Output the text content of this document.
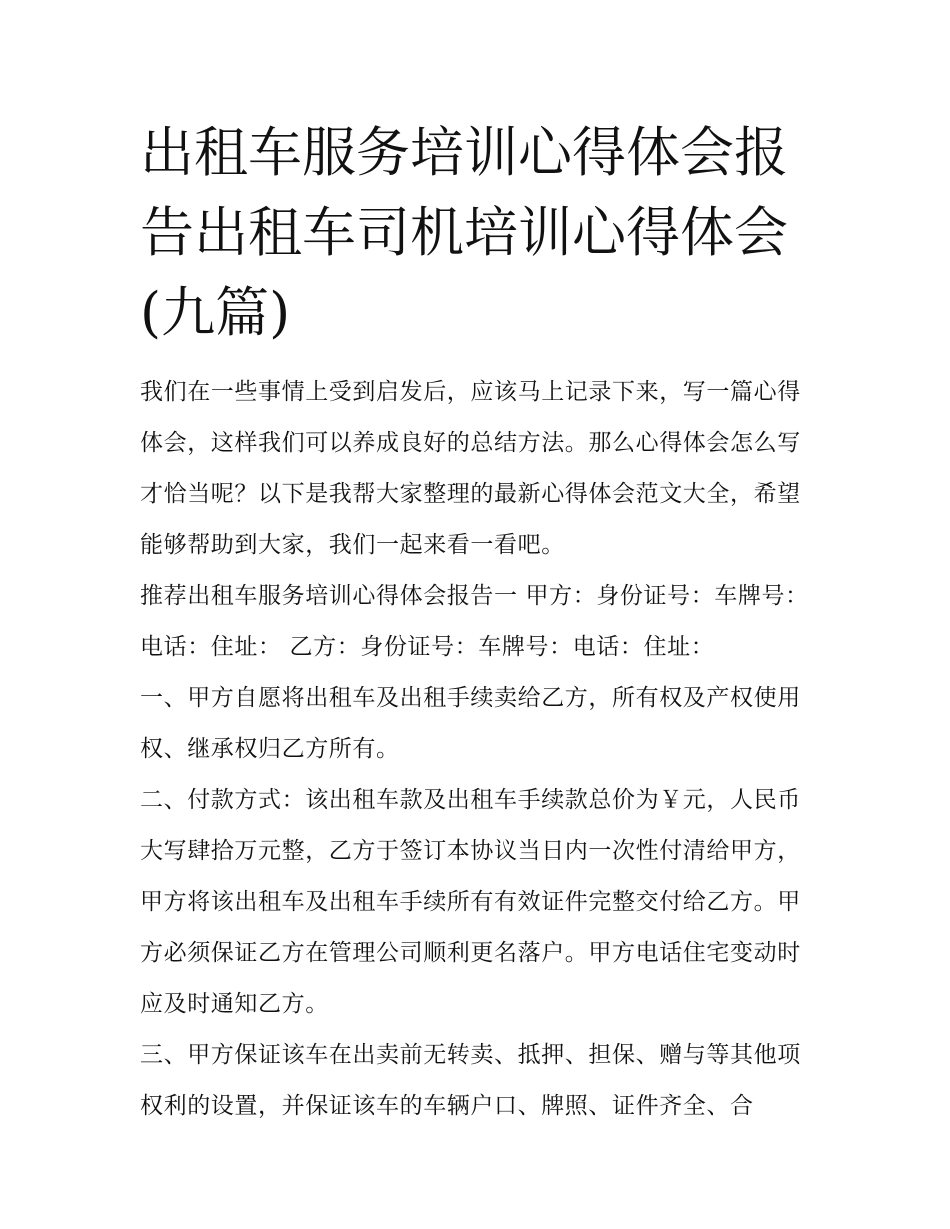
出租车服务培训心得体会报告出租车司机培训心得体会(九篇)

我们在一些事情上受到启发后，应该马上记录下来，写一篇心得体会，这样我们可以养成良好的总结方法。那么心得体会怎么写才恰当呢？以下是我帮大家整理的最新心得体会范文大全，希望能够帮助到大家，我们一起来看一看吧。

推荐出租车服务培训心得体会报告一 甲方：身份证号：车牌号：电话：住址： 乙方：身份证号：车牌号：电话：住址：

一、甲方自愿将出租车及出租手续卖给乙方，所有权及产权使用权、继承权归乙方所有。

二、付款方式：该出租车款及出租车手续款总价为￥元，人民币大写肆拾万元整，乙方于签订本协议当日内一次性付清给甲方，甲方将该出租车及出租车手续所有有效证件完整交付给乙方。甲方必须保证乙方在管理公司顺利更名落户。甲方电话住宅变动时应及时通知乙方。

三、甲方保证该车在出卖前无转卖、抵押、担保、赠与等其他项权利的设置，并保证该车的车辆户口、牌照、证件齐全、合
